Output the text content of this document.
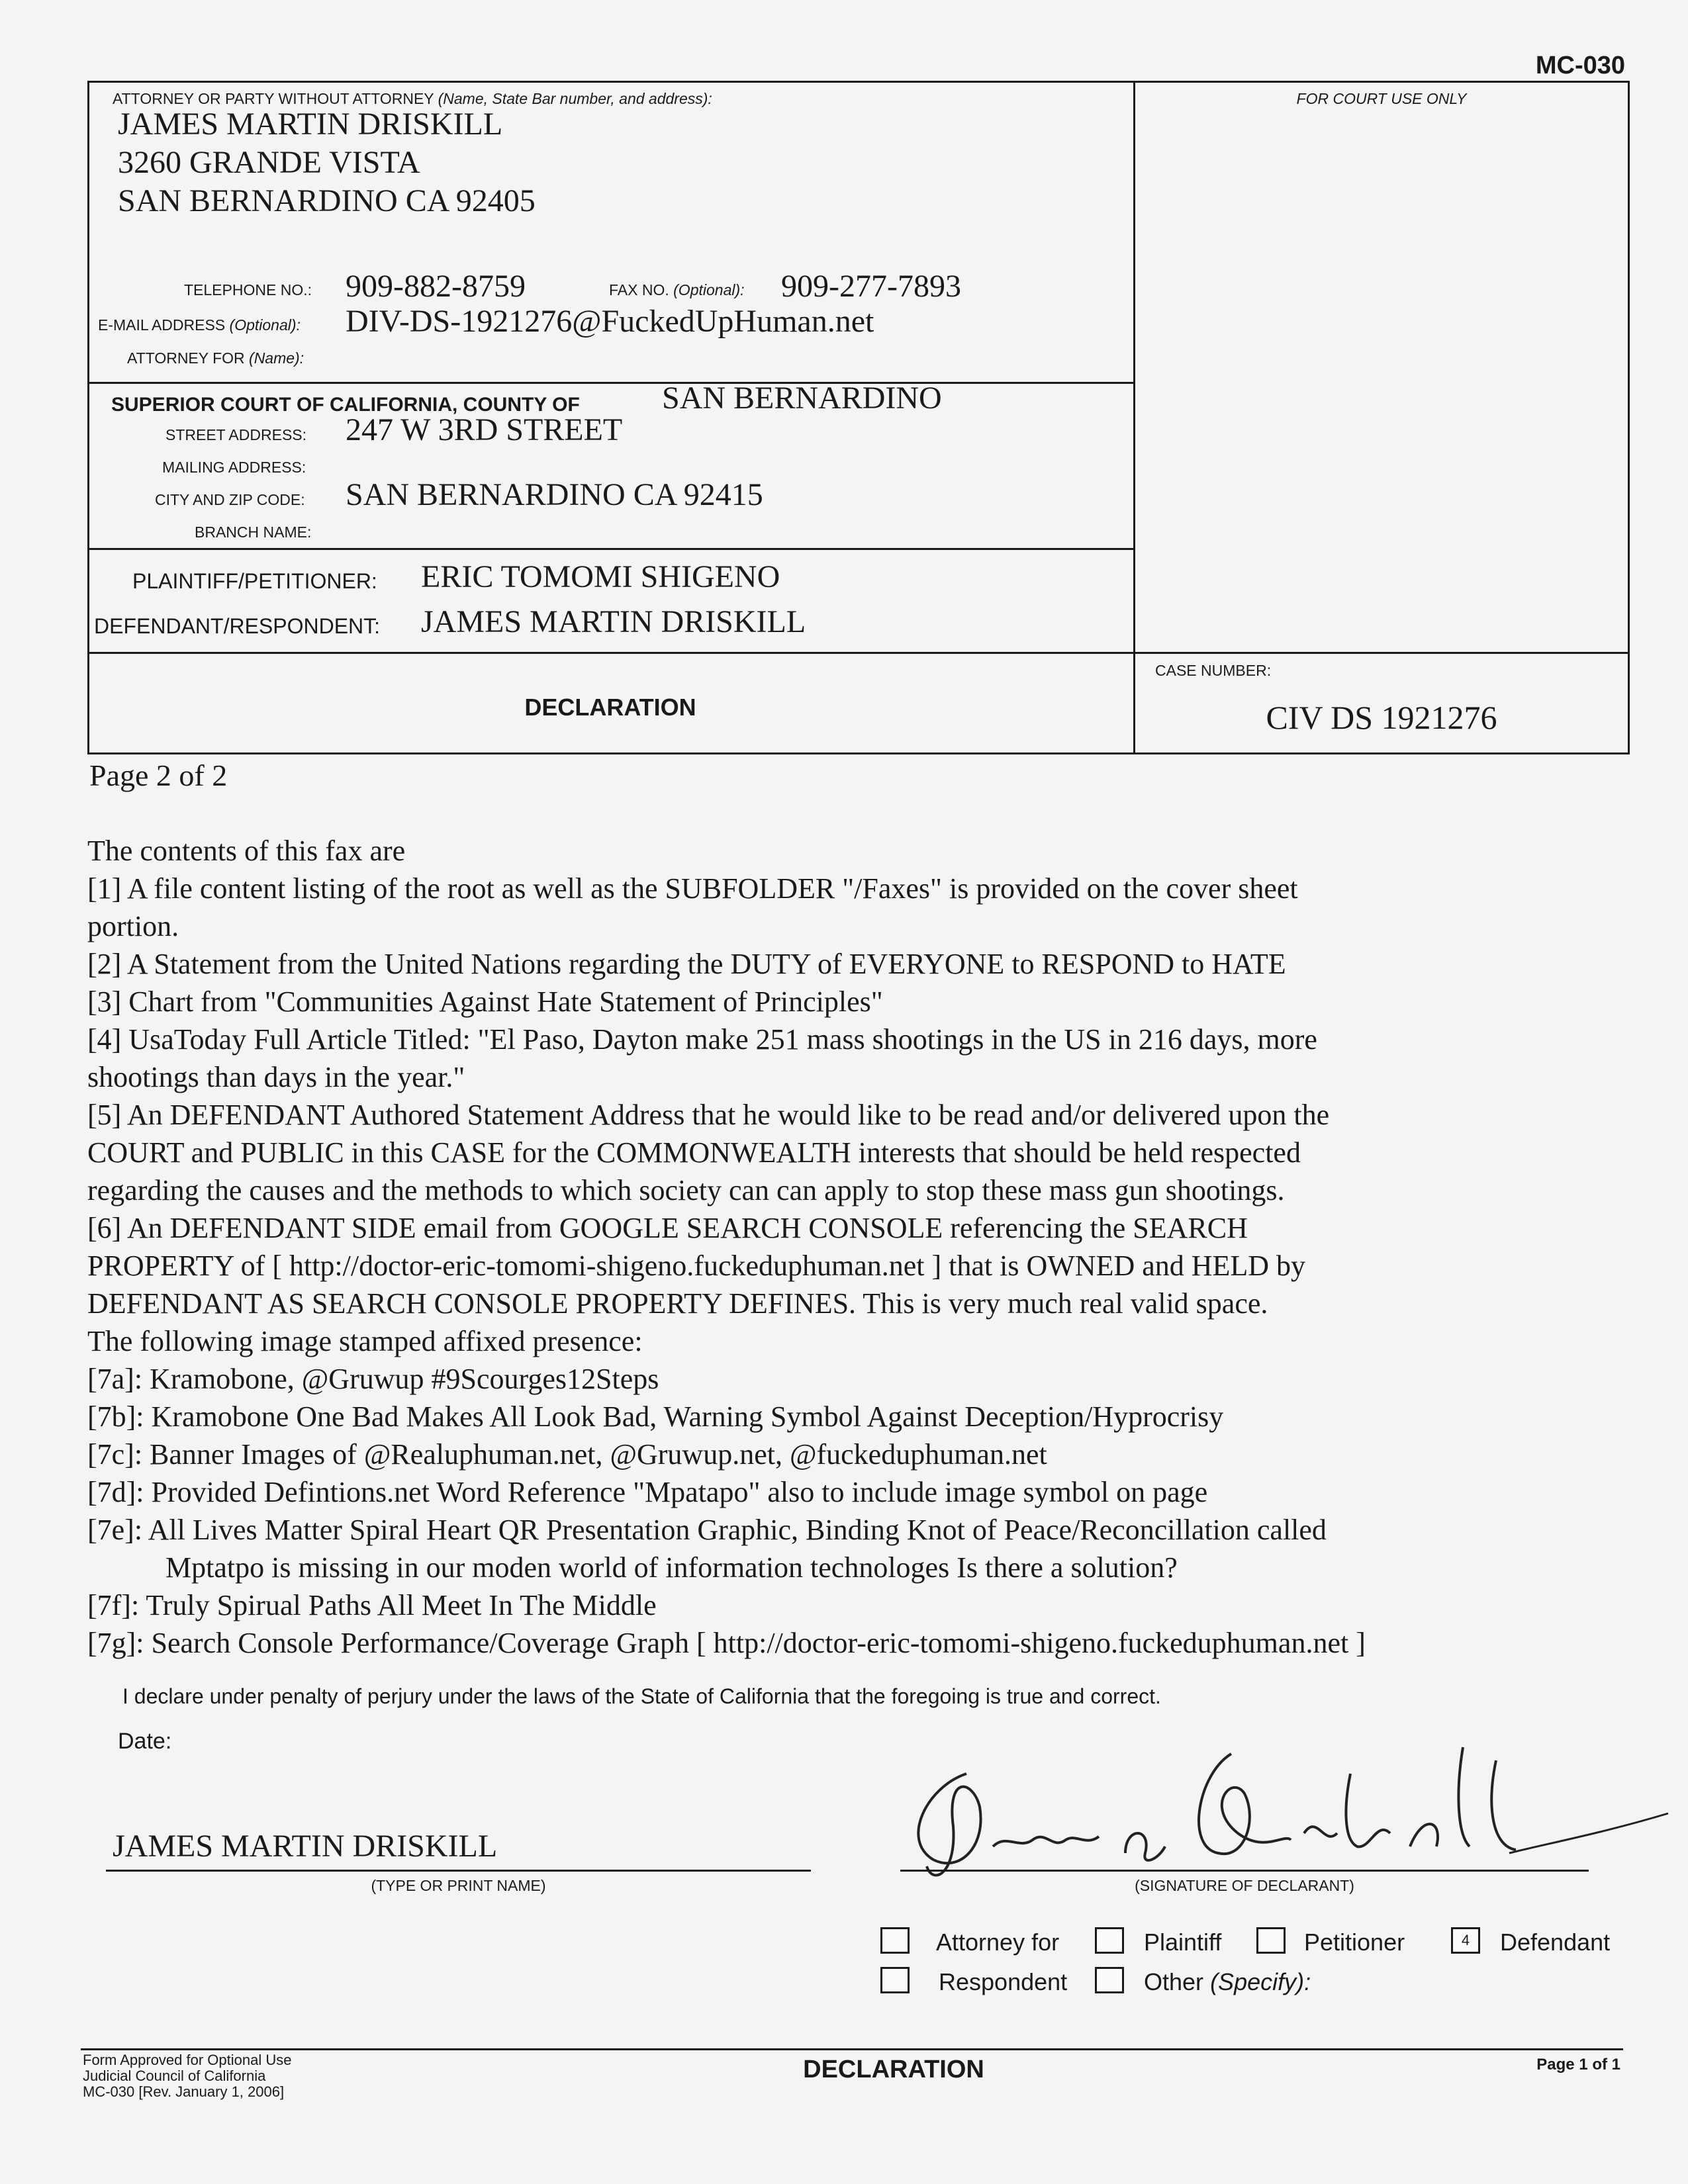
MC-030
ATTORNEY OR PARTY WITHOUT ATTORNEY (Name, State Bar number, and address):	FOR COURT USE ONLY
JAMES MARTIN DRISKILL
3260 GRANDE VISTA
SAN BERNARDINO CA 92405
TELEPHONE NO.: 909-882-8759	FAX NO. (Optional): 909-277-7893
E-MAIL ADDRESS (Optional): DIV-DS-1921276@FuckedUpHuman.net
ATTORNEY FOR (Name):
SUPERIOR COURT OF CALIFORNIA, COUNTY OF	SAN BERNARDINO
STREET ADDRESS: 247 W 3RD STREET
MAILING ADDRESS:
CITY AND ZIP CODE: SAN BERNARDINO CA 92415
BRANCH NAME:
PLAINTIFF/PETITIONER: ERIC TOMOMI SHIGENO
DEFENDANT/RESPONDENT: JAMES MARTIN DRISKILL
DECLARATION
CASE NUMBER:
CIV DS 1921276
Page 2 of 2
The contents of this fax are
[1] A file content listing of the root as well as the SUBFOLDER "/Faxes" is provided on the cover sheet
portion.
[2] A Statement from the United Nations regarding the DUTY of EVERYONE to RESPOND to HATE
[3] Chart from "Communities Against Hate Statement of Principles"
[4] UsaToday Full Article Titled: "El Paso, Dayton make 251 mass shootings in the US in 216 days, more
shootings than days in the year."
[5] An DEFENDANT Authored Statement Address that he would like to be read and/or delivered upon the
COURT and PUBLIC in this CASE for the COMMONWEALTH interests that should be held respected
regarding the causes and the methods to which society can can apply to stop these mass gun shootings.
[6] An DEFENDANT SIDE email from GOOGLE SEARCH CONSOLE referencing the SEARCH
PROPERTY of [ http://doctor-eric-tomomi-shigeno.fuckeduphuman.net ] that is OWNED and HELD by
DEFENDANT AS SEARCH CONSOLE PROPERTY DEFINES. This is very much real valid space.
The following image stamped affixed presence:
[7a]: Kramobone, @Gruwup #9Scourges12Steps
[7b]: Kramobone One Bad Makes All Look Bad, Warning Symbol Against Deception/Hyprocrisy
[7c]: Banner Images of @Realuphuman.net, @Gruwup.net, @fuckeduphuman.net
[7d]: Provided Defintions.net Word Reference "Mpatapo" also to include image symbol on page
[7e]: All Lives Matter Spiral Heart QR Presentation Graphic, Binding Knot of Peace/Reconcillation called
Mptatpo is missing in our moden world of information technologes Is there a solution?
[7f]: Truly Spirual Paths All Meet In The Middle
[7g]: Search Console Performance/Coverage Graph [ http://doctor-eric-tomomi-shigeno.fuckeduphuman.net ]
I declare under penalty of perjury under the laws of the State of California that the foregoing is true and correct.
Date:
JAMES MARTIN DRISKILL
(TYPE OR PRINT NAME)	(SIGNATURE OF DECLARANT)
Attorney for	Plaintiff	Petitioner	4	Defendant
Respondent	Other (Specify):
Form Approved for Optional Use
Judicial Council of California
MC-030 [Rev. January 1, 2006]
DECLARATION	Page 1 of 1
